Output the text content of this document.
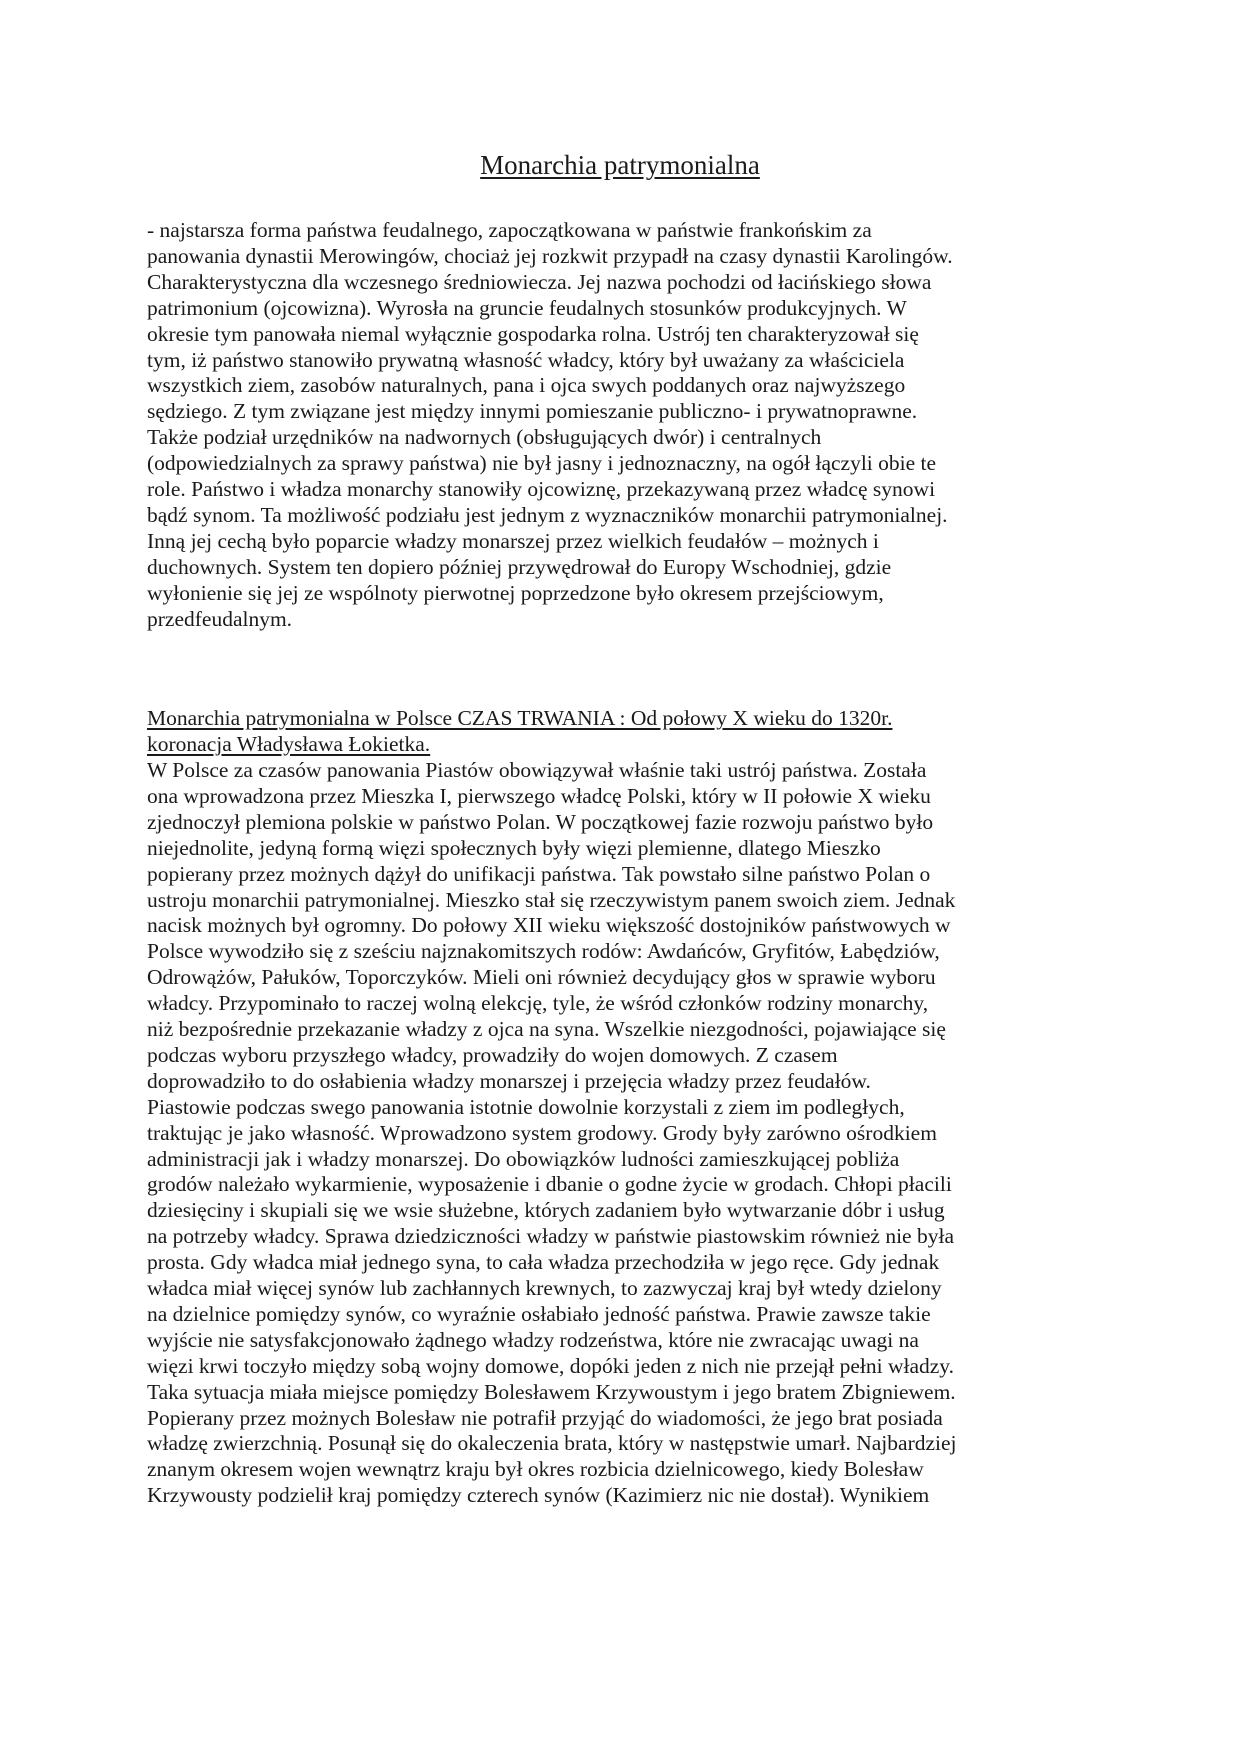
Monarchia patrymonialna

- najstarsza forma państwa feudalnego, zapoczątkowana w państwie frankońskim za

panowania dynastii Merowingów, chociaż jej rozkwit przypadł na czasy dynastii Karolingów.

Charakterystyczna dla wczesnego średniowiecza. Jej nazwa pochodzi od łacińskiego słowa

patrimonium (ojcowizna). Wyrosła na gruncie feudalnych stosunków produkcyjnych. W

okresie tym panowała niemal wyłącznie gospodarka rolna. Ustrój ten charakteryzował się

tym, iż państwo stanowiło prywatną własność władcy, który był uważany za właściciela

wszystkich ziem, zasobów naturalnych, pana i ojca swych poddanych oraz najwyższego

sędziego. Z tym związane jest między innymi pomieszanie publiczno- i prywatnoprawne.

Także podział urzędników na nadwornych (obsługujących dwór) i centralnych

(odpowiedzialnych za sprawy państwa) nie był jasny i jednoznaczny, na ogół łączyli obie te

role. Państwo i władza monarchy stanowiły ojcowiznę, przekazywaną przez władcę synowi

bądź synom. Ta możliwość podziału jest jednym z wyznaczników monarchii patrymonialnej.

Inną jej cechą było poparcie władzy monarszej przez wielkich feudałów – możnych i

duchownych. System ten dopiero później przywędrował do Europy Wschodniej, gdzie

wyłonienie się jej ze wspólnoty pierwotnej poprzedzone było okresem przejściowym,

przedfeudalnym.

Monarchia patrymonialna w Polsce CZAS TRWANIA : Od połowy X wieku do 1320r.

koronacja Władysława Łokietka.

W Polsce za czasów panowania Piastów obowiązywał właśnie taki ustrój państwa. Została

ona wprowadzona przez Mieszka I, pierwszego władcę Polski, który w II połowie X wieku

zjednoczył plemiona polskie w państwo Polan. W początkowej fazie rozwoju państwo było

niejednolite, jedyną formą więzi społecznych były więzi plemienne, dlatego Mieszko

popierany przez możnych dążył do unifikacji państwa. Tak powstało silne państwo Polan o

ustroju monarchii patrymonialnej. Mieszko stał się rzeczywistym panem swoich ziem. Jednak

nacisk możnych był ogromny. Do połowy XII wieku większość dostojników państwowych w

Polsce wywodziło się z sześciu najznakomitszych rodów: Awdańców, Gryfitów, Łabędziów,

Odrowążów, Pałuków, Toporczyków. Mieli oni również decydujący głos w sprawie wyboru

władcy. Przypominało to raczej wolną elekcję, tyle, że wśród członków rodziny monarchy,

niż bezpośrednie przekazanie władzy z ojca na syna. Wszelkie niezgodności, pojawiające się

podczas wyboru przyszłego władcy, prowadziły do wojen domowych. Z czasem

doprowadziło to do osłabienia władzy monarszej i przejęcia władzy przez feudałów.

Piastowie podczas swego panowania istotnie dowolnie korzystali z ziem im podległych,

traktując je jako własność. Wprowadzono system grodowy. Grody były zarówno ośrodkiem

administracji jak i władzy monarszej. Do obowiązków ludności zamieszkującej pobliża

grodów należało wykarmienie, wyposażenie i dbanie o godne życie w grodach. Chłopi płacili

dziesięciny i skupiali się we wsie służebne, których zadaniem było wytwarzanie dóbr i usług

na potrzeby władcy. Sprawa dziedziczności władzy w państwie piastowskim również nie była

prosta. Gdy władca miał jednego syna, to cała władza przechodziła w jego ręce. Gdy jednak

władca miał więcej synów lub zachłannych krewnych, to zazwyczaj kraj był wtedy dzielony

na dzielnice pomiędzy synów, co wyraźnie osłabiało jedność państwa. Prawie zawsze takie

wyjście nie satysfakcjonowało żądnego władzy rodzeństwa, które nie zwracając uwagi na

więzi krwi toczyło między sobą wojny domowe, dopóki jeden z nich nie przejął pełni władzy.

Taka sytuacja miała miejsce pomiędzy Bolesławem Krzywoustym i jego bratem Zbigniewem.

Popierany przez możnych Bolesław nie potrafił przyjąć do wiadomości, że jego brat posiada

władzę zwierzchnią. Posunął się do okaleczenia brata, który w następstwie umarł. Najbardziej

znanym okresem wojen wewnątrz kraju był okres rozbicia dzielnicowego, kiedy Bolesław

Krzywousty podzielił kraj pomiędzy czterech synów (Kazimierz nic nie dostał). Wynikiem
